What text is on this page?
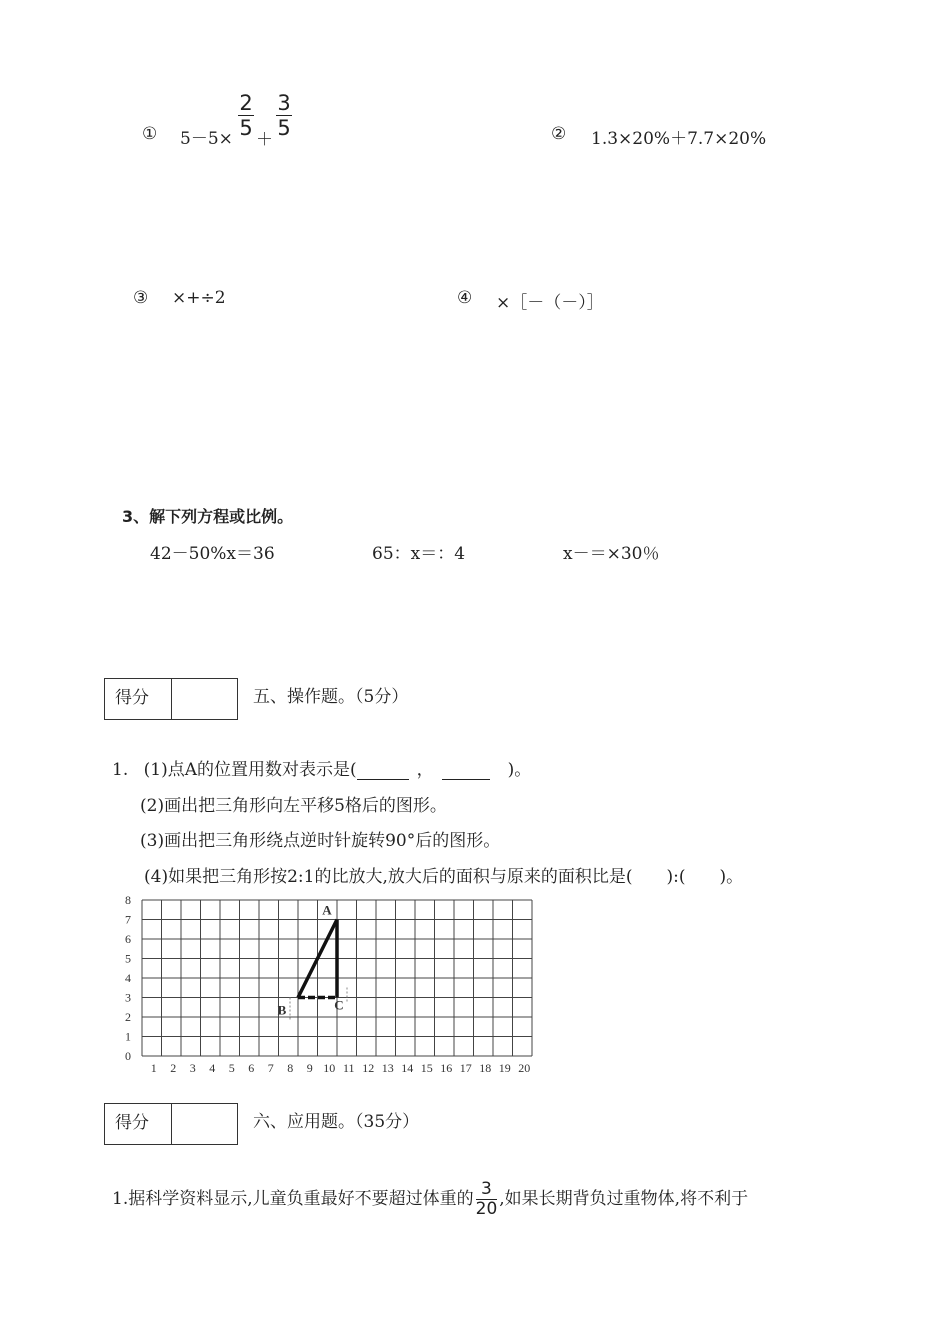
① 5－5×
2
5 ＋
3
5	② 1.3×20%＋7.7×20%
③ ×+÷2	④ ×［－（－）］
3、解下列方程或比例。
42－50%x＝36	65：x＝：4	x－＝×30％
得分	五、操作题。（5分）
1. (1)点A的位置用数对表示是(	，	)。
(2)画出把三角形向左平移5格后的图形。
(3)画出把三角形绕点逆时针旋转90°后的图形。
(4)如果把三角形按2:1的比放大,放大后的面积与原来的面积比是(　　):(　　)。
0
1
2
3
4
5
6
7
8
1 2 3 4 5 6 7 8 9 10 11 12 13 14 15 16 17 18 19 20
A
B	C
得分	六、应用题。（35分）
1.据科学资料显示,儿童负重最好不要超过体重的 $\frac{3}{20}$ ,如果长期背负过重物体,将不利于
